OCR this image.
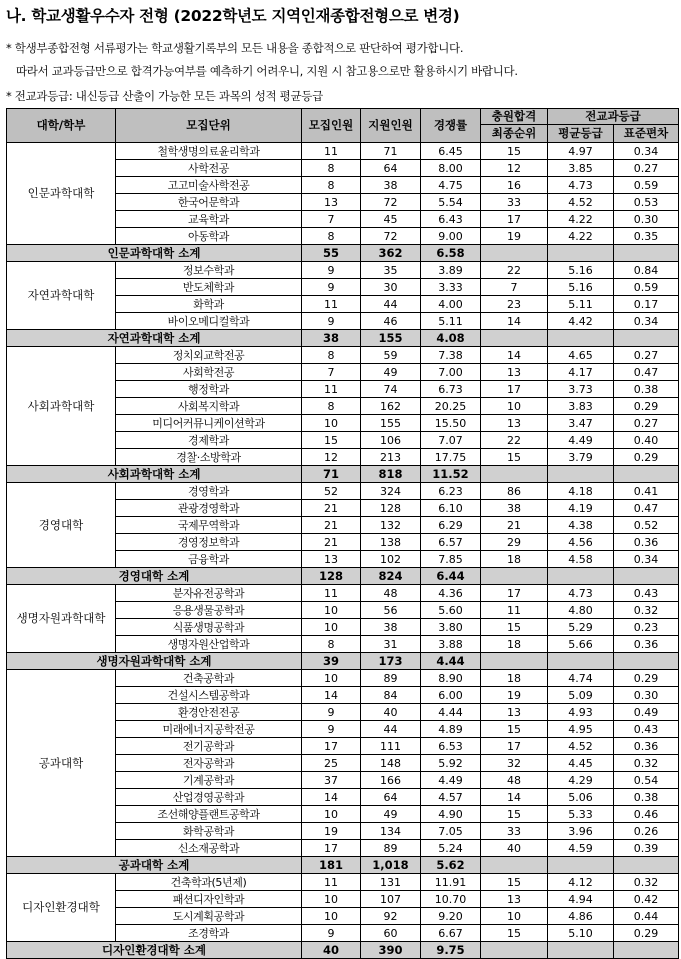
나. 학교생활우수자 전형 (2022학년도 지역인재종합전형으로 변경)
* 학생부종합전형 서류평가는 학교생활기록부의 모든 내용을 종합적으로 판단하여 평가합니다.
따라서 교과등급만으로 합격가능여부를 예측하기 어려우니, 지원 시 참고용으로만 활용하시기 바랍니다.
* 전교과등급: 내신등급 산출이 가능한 모든 과목의 성적 평균등급
대학/학부	모집단위	모집인원	지원인원	경쟁률	충원합격	전교과등급	
					최종순위	평균등급	표준편차
인문과학대학	철학생명의료윤리학과	11	71	6.45	15	4.97	0.34
	사학전공	8	64	8.00	12	3.85	0.27
	고고미술사학전공	8	38	4.75	16	4.73	0.59
	한국어문학과	13	72	5.54	33	4.52	0.53
	교육학과	7	45	6.43	17	4.22	0.30
	아동학과	8	72	9.00	19	4.22	0.35
인문과학대학 소계		55	362	6.58			
자연과학대학	정보수학과	9	35	3.89	22	5.16	0.84
	반도체학과	9	30	3.33	7	5.16	0.59
	화학과	11	44	4.00	23	5.11	0.17
	바이오메디컬학과	9	46	5.11	14	4.42	0.34
자연과학대학 소계		38	155	4.08			
사회과학대학	정치외교학전공	8	59	7.38	14	4.65	0.27
	사회학전공	7	49	7.00	13	4.17	0.47
	행정학과	11	74	6.73	17	3.73	0.38
	사회복지학과	8	162	20.25	10	3.83	0.29
	미디어커뮤니케이션학과	10	155	15.50	13	3.47	0.27
	경제학과	15	106	7.07	22	4.49	0.40
	경찰·소방학과	12	213	17.75	15	3.79	0.29
사회과학대학 소계		71	818	11.52			
경영대학	경영학과	52	324	6.23	86	4.18	0.41
	관광경영학과	21	128	6.10	38	4.19	0.47
	국제무역학과	21	132	6.29	21	4.38	0.52
	경영정보학과	21	138	6.57	29	4.56	0.36
	금융학과	13	102	7.85	18	4.58	0.34
경영대학 소계		128	824	6.44			
생명자원과학대학	분자유전공학과	11	48	4.36	17	4.73	0.43
	응용생물공학과	10	56	5.60	11	4.80	0.32
	식품생명공학과	10	38	3.80	15	5.29	0.23
	생명자원산업학과	8	31	3.88	18	5.66	0.36
생명자원과학대학 소계		39	173	4.44			
공과대학	건축공학과	10	89	8.90	18	4.74	0.29
	건설시스템공학과	14	84	6.00	19	5.09	0.30
	환경안전전공	9	40	4.44	13	4.93	0.49
	미래에너지공학전공	9	44	4.89	15	4.95	0.43
	전기공학과	17	111	6.53	17	4.52	0.36
	전자공학과	25	148	5.92	32	4.45	0.32
	기계공학과	37	166	4.49	48	4.29	0.54
	산업경영공학과	14	64	4.57	14	5.06	0.38
	조선해양플랜트공학과	10	49	4.90	15	5.33	0.46
	화학공학과	19	134	7.05	33	3.96	0.26
	신소재공학과	17	89	5.24	40	4.59	0.39
공과대학 소계		181	1,018	5.62			
디자인환경대학	건축학과(5년제)	11	131	11.91	15	4.12	0.32
	패션디자인학과	10	107	10.70	13	4.94	0.42
	도시계획공학과	10	92	9.20	10	4.86	0.44
	조경학과	9	60	6.67	15	5.10	0.29
디자인환경대학 소계		40	390	9.75			
